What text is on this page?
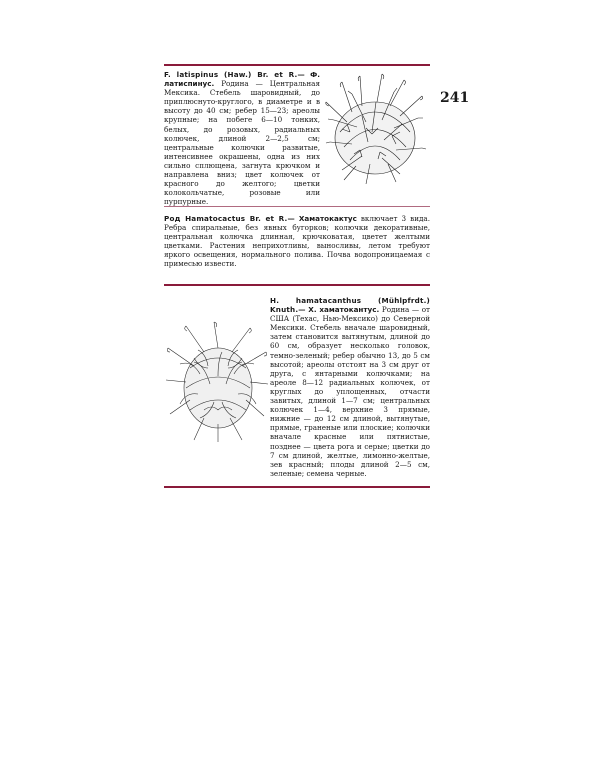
241
F. latispinus (Haw.) Br. et R.— Ф. латиспинус. Родина — Центральная Мексика. Стебель шаровидный, до приплюснуто-круглого, в диаметре и в высоту до 40 см; ребер 15—23; ареолы крупные; на побеге 6—10 тонких, белых, до розовых, радиальных колючек, длиной 2—2,5 см; центральные колючки развитые, интенсивнее окрашены, одна из них сильно сплющена, загнута крючком и направлена вниз; цвет колючек от красного до желтого; цветки колокольчатые, розовые или пурпурные.
Род Hamatocactus Br. et R.— Хаматокактус включает 3 вида. Ребра спиральные, без явных бугорков; колючки декоративные, центральная колючка длинная, крючковатая, цветет желтыми цветками. Растения неприхотливы, выносливы, летом требуют яркого освещения, нормального полива. Почва водопроницаемая с примесью извести.
H. hamatacanthus (Mühlpfrdt.) Knuth.— Х. хаматокантус. Родина — от США (Техас, Нью-Мексико) до Северной Мексики. Стебель вначале шаровидный, затем становится вытянутым, длиной до 60 см, образует несколько головок, темно-зеленый; ребер обычно 13, до 5 см высотой; ареолы отстоят на 3 см друг от друга, с янтарными колючками; на ареоле 8—12 радиальных колючек, от круглых до уплощенных, отчасти завитых, длиной 1—7 см; центральных колючек 1—4, верхние 3 прямые, нижние — до 12 см длиной, вытянутые, прямые, граненые или плоские; колючки вначале красные или пятнистые, позднее — цвета рога и серые; цветки до 7 см длиной, желтые, лимонно-желтые, зев красный; плоды длиной 2—5 см, зеленые; семена черные.
